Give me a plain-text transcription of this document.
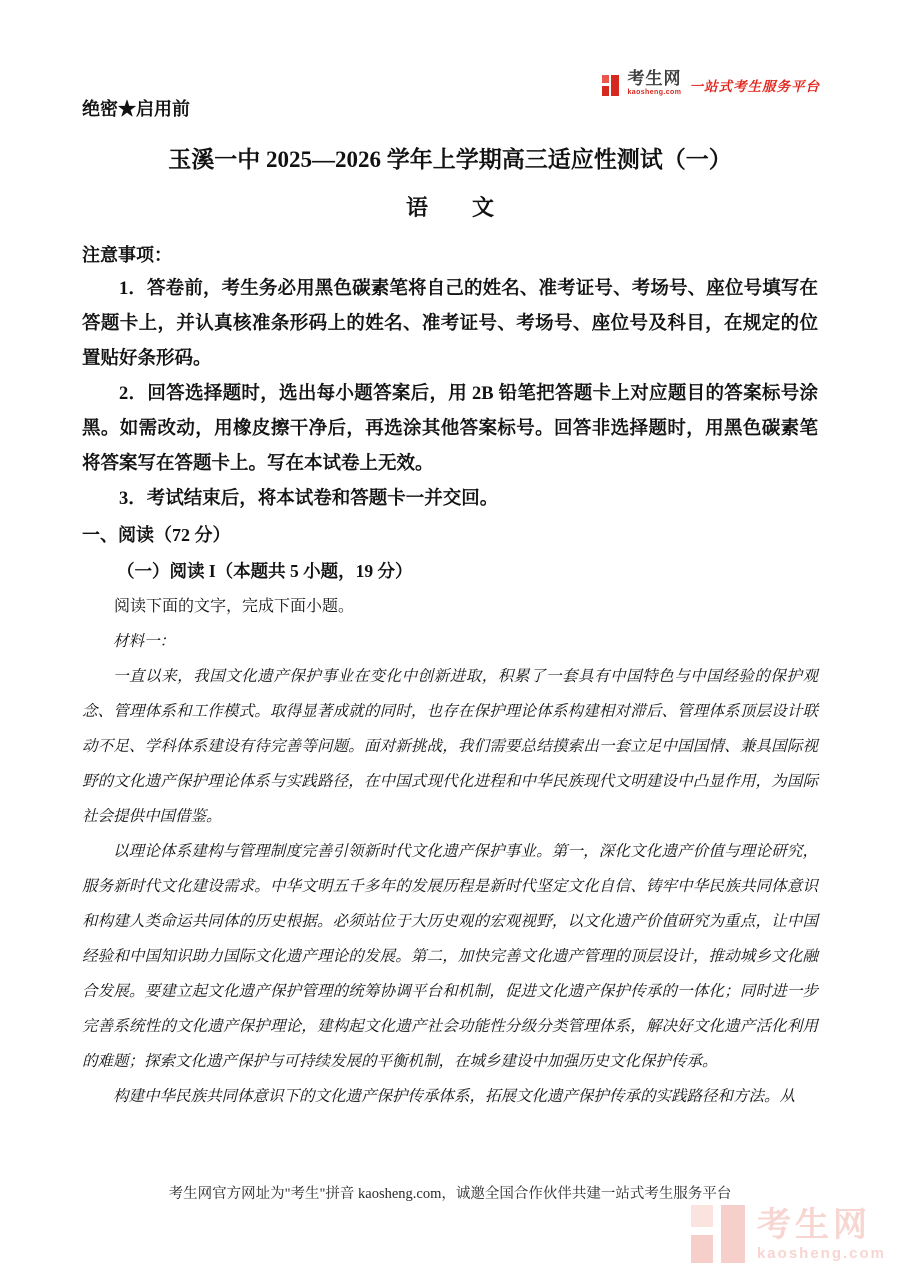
考生网
kaosheng.com 一站式考生服务平台
绝密★启用前
玉溪一中 2025—2026 学年上学期高三适应性测试（一）
语　　文
注意事项：

1．答卷前，考生务必用黑色碳素笔将自己的姓名、准考证号、考场号、座位号填写在答题卡上，并认真核准条形码上的姓名、准考证号、考场号、座位号及科目，在规定的位置贴好条形码。

2．回答选择题时，选出每小题答案后，用 2B 铅笔把答题卡上对应题目的答案标号涂黑。如需改动，用橡皮擦干净后，再选涂其他答案标号。回答非选择题时，用黑色碳素笔将答案写在答题卡上。写在本试卷上无效。

3．考试结束后，将本试卷和答题卡一并交回。

一、阅读（72 分）
（一）阅读 I（本题共 5 小题，19 分）

阅读下面的文字，完成下面小题。

材料一：

一直以来，我国文化遗产保护事业在变化中创新进取，积累了一套具有中国特色与中国经验的保护观念、管理体系和工作模式。取得显著成就的同时，也存在保护理论体系构建相对滞后、管理体系顶层设计联动不足、学科体系建设有待完善等问题。面对新挑战，我们需要总结摸索出一套立足中国国情、兼具国际视野的文化遗产保护理论体系与实践路径，在中国式现代化进程和中华民族现代文明建设中凸显作用，为国际社会提供中国借鉴。

以理论体系建构与管理制度完善引领新时代文化遗产保护事业。第一，深化文化遗产价值与理论研究，服务新时代文化建设需求。中华文明五千多年的发展历程是新时代坚定文化自信、铸牢中华民族共同体意识和构建人类命运共同体的历史根据。必须站位于大历史观的宏观视野，以文化遗产价值研究为重点，让中国经验和中国知识助力国际文化遗产理论的发展。第二，加快完善文化遗产管理的顶层设计，推动城乡文化融合发展。要建立起文化遗产保护管理的统筹协调平台和机制，促进文化遗产保护传承的一体化；同时进一步完善系统性的文化遗产保护理论，建构起文化遗产社会功能性分级分类管理体系，解决好文化遗产活化利用的难题；探索文化遗产保护与可持续发展的平衡机制，在城乡建设中加强历史文化保护传承。

构建中华民族共同体意识下的文化遗产保护传承体系，拓展文化遗产保护传承的实践路径和方法。从

考生网官方网址为"考生"拼音 kaosheng.com，诚邀全国合作伙伴共建一站式考生服务平台
考生网
kaosheng.com
